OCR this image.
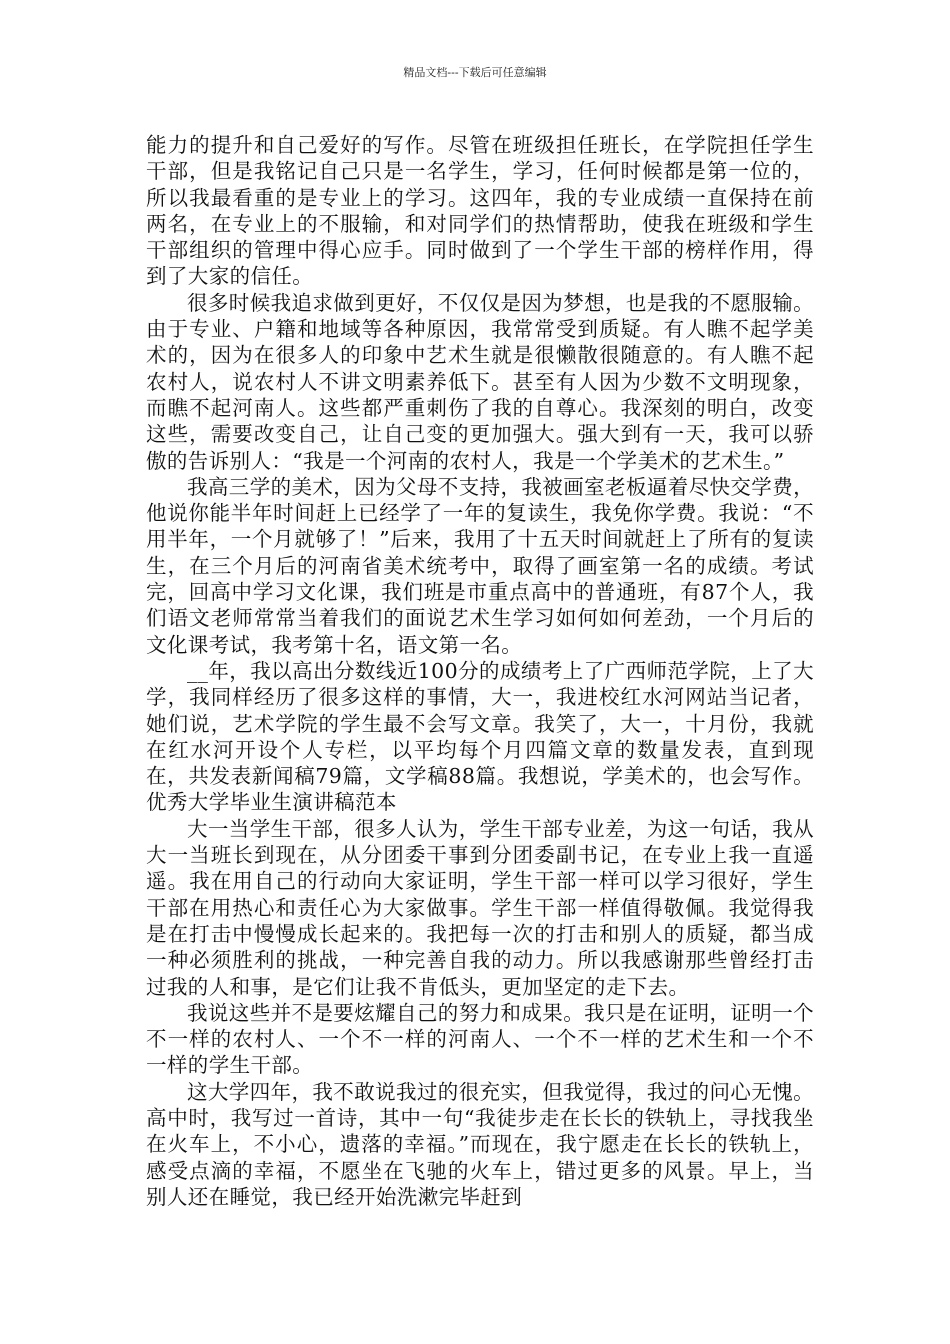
精品文档---下载后可任意编辑

能力的提升和自己爱好的写作。尽管在班级担任班长，在学院担任学生干部，但是我铭记自己只是一名学生，学习，任何时候都是第一位的，所以我最看重的是专业上的学习。这四年，我的专业成绩一直保持在前两名，在专业上的不服输，和对同学们的热情帮助，使我在班级和学生干部组织的管理中得心应手。同时做到了一个学生干部的榜样作用，得到了大家的信任。

很多时候我追求做到更好，不仅仅是因为梦想，也是我的不愿服输。由于专业、户籍和地域等各种原因，我常常受到质疑。有人瞧不起学美术的，因为在很多人的印象中艺术生就是很懒散很随意的。有人瞧不起农村人，说农村人不讲文明素养低下。甚至有人因为少数不文明现象，而瞧不起河南人。这些都严重刺伤了我的自尊心。我深刻的明白，改变这些，需要改变自己，让自己变的更加强大。强大到有一天，我可以骄傲的告诉别人：“我是一个河南的农村人，我是一个学美术的艺术生。”

我高三学的美术，因为父母不支持，我被画室老板逼着尽快交学费，他说你能半年时间赶上已经学了一年的复读生，我免你学费。我说：“不用半年，一个月就够了！”后来，我用了十五天时间就赶上了所有的复读生，在三个月后的河南省美术统考中，取得了画室第一名的成绩。考试完，回高中学习文化课，我们班是市重点高中的普通班，有87个人，我们语文老师常常当着我们的面说艺术生学习如何如何差劲，一个月后的文化课考试，我考第十名，语文第一名。

__年，我以高出分数线近100分的成绩考上了广西师范学院，上了大学，我同样经历了很多这样的事情，大一，我进校红水河网站当记者，她们说，艺术学院的学生最不会写文章。我笑了，大一，十月份，我就在红水河开设个人专栏，以平均每个月四篇文章的数量发表，直到现在，共发表新闻稿79篇，文学稿88篇。我想说，学美术的，也会写作。优秀大学毕业生演讲稿范本

大一当学生干部，很多人认为，学生干部专业差，为这一句话，我从大一当班长到现在，从分团委干事到分团委副书记，在专业上我一直遥遥。我在用自己的行动向大家证明，学生干部一样可以学习很好，学生干部在用热心和责任心为大家做事。学生干部一样值得敬佩。我觉得我是在打击中慢慢成长起来的。我把每一次的打击和别人的质疑，都当成一种必须胜利的挑战，一种完善自我的动力。所以我感谢那些曾经打击过我的人和事，是它们让我不肯低头，更加坚定的走下去。

我说这些并不是要炫耀自己的努力和成果。我只是在证明，证明一个不一样的农村人、一个不一样的河南人、一个不一样的艺术生和一个不一样的学生干部。

这大学四年，我不敢说我过的很充实，但我觉得，我过的问心无愧。高中时，我写过一首诗，其中一句“我徒步走在长长的铁轨上，寻找我坐在火车上，不小心，遗落的幸福。”而现在，我宁愿走在长长的铁轨上，感受点滴的幸福，不愿坐在飞驰的火车上，错过更多的风景。早上，当别人还在睡觉，我已经开始洗漱完毕赶到
